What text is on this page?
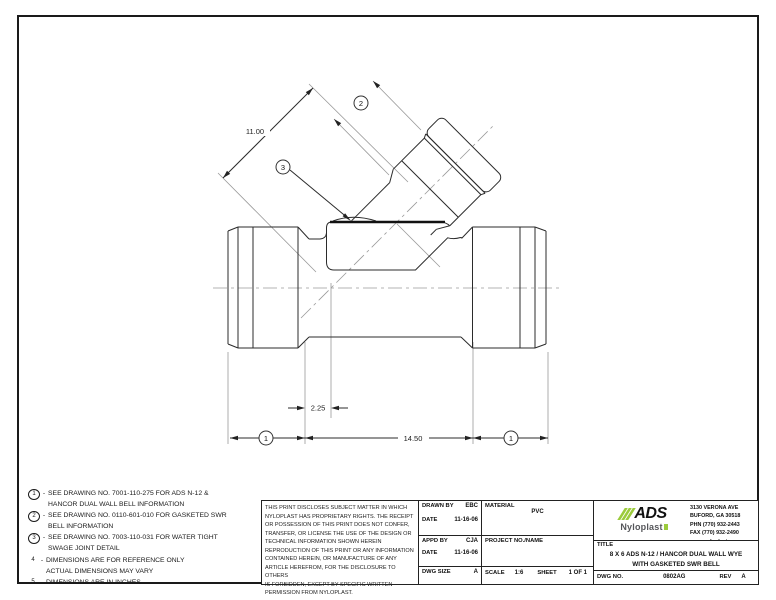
11.00
2
3
2.25
1	1
14.50
1	- SEE DRAWING NO. 7001-110-275 FOR ADS N-12 &
HANCOR DUAL WALL BELL INFORMATION
2	- SEE DRAWING NO. 0110-601-010 FOR GASKETED SWR
BELL INFORMATION
3	- SEE DRAWING NO. 7003-110-031 FOR WATER TIGHT
SWAGE JOINT DETAIL
4 - DIMENSIONS ARE FOR REFERENCE ONLY
ACTUAL DIMENSIONS MAY VARY
5 - DIMENSIONS ARE IN INCHES
THIS PRINT DISCLOSES SUBJECT MATTER IN WHICH
NYLOPLAST HAS PROPRIETARY RIGHTS. THE RECEIPT
OR POSSESSION OF THIS PRINT DOES NOT CONFER,
TRANSFER, OR LICENSE THE USE OF THE DESIGN OR
TECHNICAL INFORMATION SHOWN HEREIN
REPRODUCTION OF THIS PRINT OR ANY INFORMATION
CONTAINED HEREIN, OR MANUFACTURE OF ANY
ARTICLE HEREFROM, FOR THE DISCLOSURE TO OTHERS
IS FORBIDDEN, EXCEPT BY SPECIFIC WRITTEN
PERMISSION FROM NYLOPLAST.
DRAWN BY EBC
DATE	11-16-06
MATERIAL
PVC
APPD BY	CJA
DATE	11-16-06
PROJECT NO./NAME
DWG SIZE	A SCALE 1:6 SHEET 1 OF 1
ADS
Nyloplast
3130 VERONA AVE
BUFORD, GA 30518
PHN (770) 932-2443
FAX (770) 932-2490
TITLE
8 X 6 ADS N-12 / HANCOR DUAL WALL WYE
WITH GASKETED SWR BELL
DWG NO.	0802AG	REV A
